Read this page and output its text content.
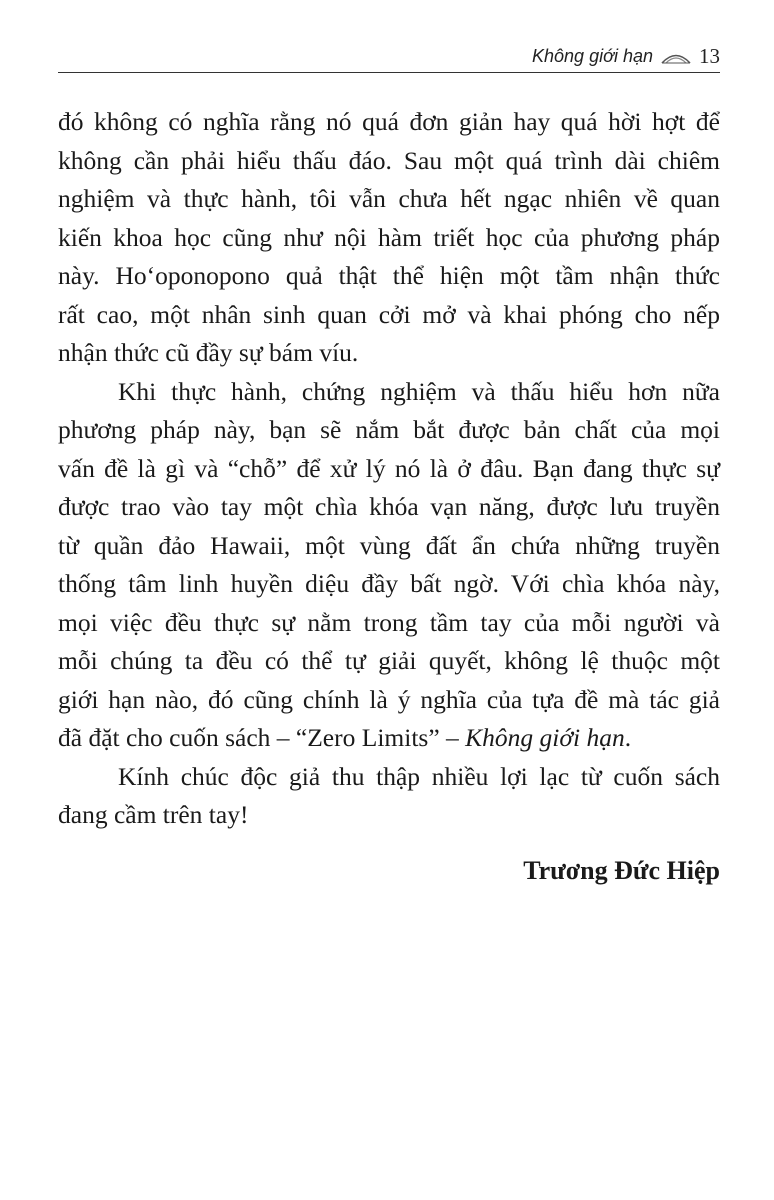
Không giới hạn 13
đó không có nghĩa rằng nó quá đơn giản hay quá hời hợt để
không cần phải hiểu thấu đáo. Sau một quá trình dài chiêm
nghiệm và thực hành, tôi vẫn chưa hết ngạc nhiên về quan
kiến khoa học cũng như nội hàm triết học của phương pháp
này. Hoʻoponopono quả thật thể hiện một tầm nhận thức
rất cao, một nhân sinh quan cởi mở và khai phóng cho nếp
nhận thức cũ đầy sự bám víu.
Khi thực hành, chứng nghiệm và thấu hiểu hơn nữa
phương pháp này, bạn sẽ nắm bắt được bản chất của mọi
vấn đề là gì và “chỗ” để xử lý nó là ở đâu. Bạn đang thực sự
được trao vào tay một chìa khóa vạn năng, được lưu truyền
từ quần đảo Hawaii, một vùng đất ẩn chứa những truyền
thống tâm linh huyền diệu đầy bất ngờ. Với chìa khóa này,
mọi việc đều thực sự nằm trong tầm tay của mỗi người và
mỗi chúng ta đều có thể tự giải quyết, không lệ thuộc một
giới hạn nào, đó cũng chính là ý nghĩa của tựa đề mà tác giả
đã đặt cho cuốn sách – “Zero Limits” – Không giới hạn.
Kính chúc độc giả thu thập nhiều lợi lạc từ cuốn sách
đang cầm trên tay!
Trương Đức Hiệp
